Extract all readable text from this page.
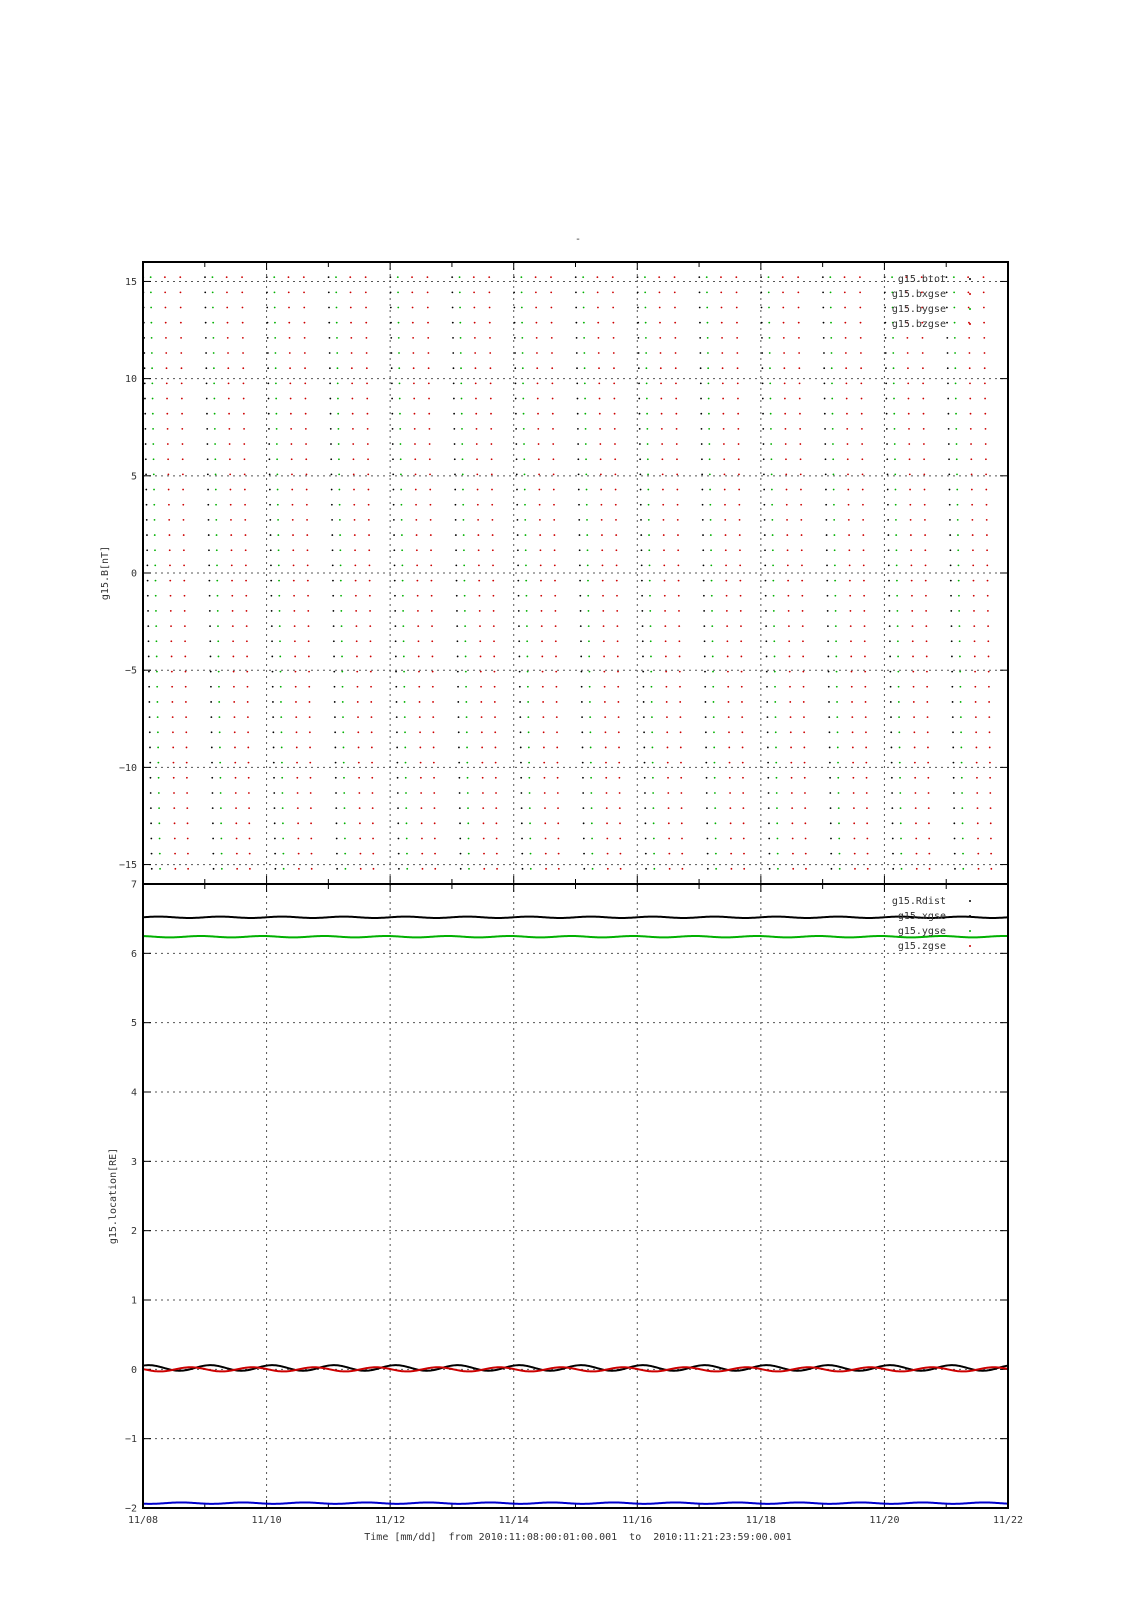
-
−15
−10
−5
0
5
10
15
g15.B[nT]
g15.btot
g15.bxgse
g15.bygse
g15.bzgse
−2
−1
0
1
2
3
4
5
6
7
g15.location[RE]
g15.Rdist
g15.xgse
g15.ygse
g15.zgse
11/08	11/10	11/12	11/14	11/16	11/18	11/20	11/22
Time [mm/dd]  from 2010:11:08:00:01:00.001  to  2010:11:21:23:59:00.001
